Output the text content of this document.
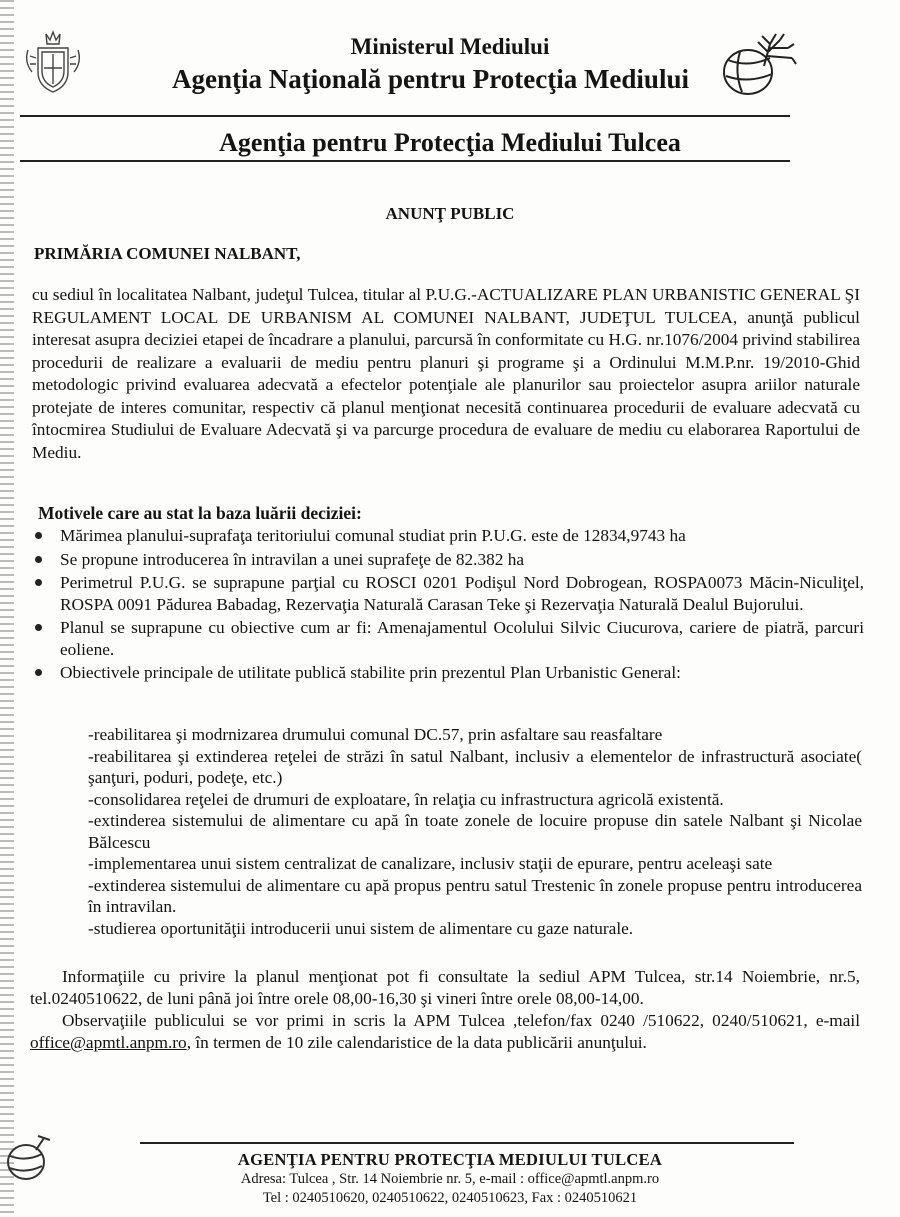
Ministerul Mediului
Agenţia Naţională pentru Protecţia Mediului
Agenţia pentru Protecţia Mediului Tulcea
ANUNŢ PUBLIC
PRIMĂRIA COMUNEI NALBANT,
cu sediul în localitatea Nalbant, judeţul Tulcea, titular al P.U.G.-ACTUALIZARE PLAN URBANISTIC GENERAL ŞI REGULAMENT LOCAL DE URBANISM AL COMUNEI NALBANT, JUDEŢUL TULCEA, anunţă publicul interesat asupra deciziei etapei de încadrare a planului, parcursă în conformitate cu H.G. nr.1076/2004 privind stabilirea procedurii de realizare a evaluarii de mediu pentru planuri şi programe şi a Ordinului M.M.P.nr. 19/2010-Ghid metodologic privind evaluarea adecvată a efectelor potenţiale ale planurilor sau proiectelor asupra ariilor naturale protejate de interes comunitar, respectiv că planul menţionat necesită continuarea procedurii de evaluare adecvată cu întocmirea Studiului de Evaluare Adecvată şi va parcurge procedura de evaluare de mediu cu elaborarea Raportului de Mediu.
Motivele care au stat la baza luării deciziei:
Mărimea planului-suprafaţa teritoriului comunal studiat prin P.U.G. este de 12834,9743 ha
Se propune introducerea în intravilan a unei suprafeţe de 82.382 ha
Perimetrul P.U.G. se suprapune parţial cu ROSCI 0201 Podişul Nord Dobrogean, ROSPA0073 Măcin-Niculiţel, ROSPA 0091 Pădurea Babadag, Rezervaţia Naturală Carasan Teke şi Rezervaţia Naturală Dealul Bujorului.
Planul se suprapune cu obiective cum ar fi: Amenajamentul Ocolului Silvic Ciucurova, cariere de piatră, parcuri eoliene.
Obiectivele principale de utilitate publică stabilite prin prezentul Plan Urbanistic General:
-reabilitarea şi modrnizarea drumului comunal DC.57, prin asfaltare sau reasfaltare
-reabilitarea şi extinderea reţelei de străzi în satul Nalbant, inclusiv a elementelor de infrastructură asociate( şanţuri, poduri, podeţe, etc.)
-consolidarea reţelei de drumuri de exploatare, în relaţia cu infrastructura agricolă existentă.
-extinderea sistemului de alimentare cu apă în toate zonele de locuire propuse din satele Nalbant şi Nicolae Bălcescu
-implementarea unui sistem centralizat de canalizare, inclusiv staţii de epurare, pentru aceleaşi sate
-extinderea sistemului de alimentare cu apă propus pentru satul Trestenic în zonele propuse pentru introducerea în intravilan.
-studierea oportunităţii introducerii unui sistem de alimentare cu gaze naturale.

Informaţiile cu privire la planul menţionat pot fi consultate la sediul APM Tulcea, str.14 Noiembrie, nr.5, tel.0240510622, de luni până joi între orele 08,00-16,30 şi vineri între orele 08,00-14,00.

Observaţiile publicului se vor primi in scris la APM Tulcea ,telefon/fax 0240 /510622, 0240/510621, e-mail office@apmtl.anpm.ro, în termen de 10 zile calendaristice de la data publicării anunţului.

AGENŢIA PENTRU PROTECŢIA MEDIULUI TULCEA
Adresa: Tulcea , Str. 14 Noiembrie nr. 5, e-mail : office@apmtl.anpm.ro
Tel : 0240510620, 0240510622, 0240510623, Fax : 0240510621
